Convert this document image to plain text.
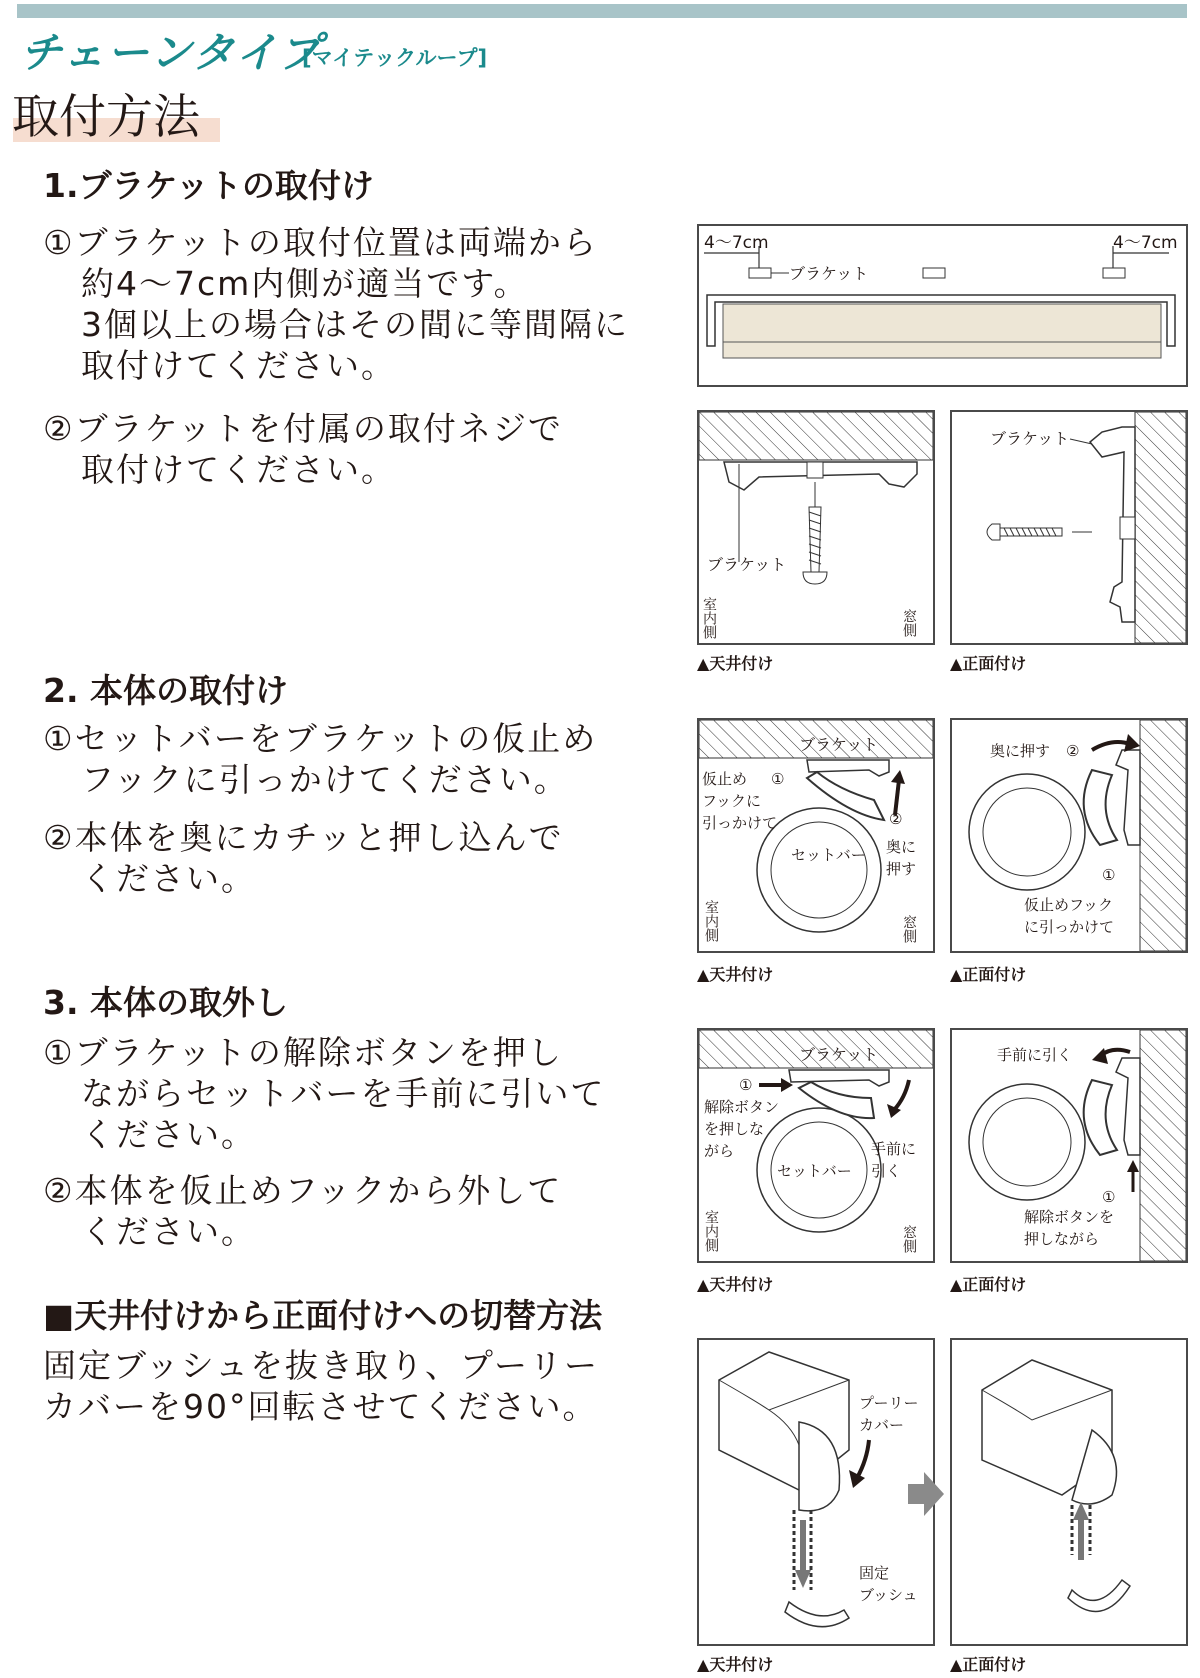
チェーンタイプ
[マイテックループ]
取付方法
1.ブラケットの取付け
①ブラケットの取付位置は両端から
約4〜7cm内側が適当です。
3個以上の場合はその間に等間隔に
取付けてください。
②ブラケットを付属の取付ネジで
取付けてください。
2. 本体の取付け
①セットバーをブラケットの仮止め
フックに引っかけてください。
②本体を奥にカチッと押し込んで
ください。
3. 本体の取外し
①ブラケットの解除ボタンを押し
ながらセットバーを手前に引いて
ください。
②本体を仮止めフックから外して
ください。
■天井付けから正面付けへの切替方法
固定ブッシュを抜き取り、プーリー
カバーを90°回転させてください。
4〜7cm	4〜7cm
ブラケット
ブラケット
室内側	窓側
ブラケット
▲天井付け	▲正面付け
ブラケット
仮止め
フックに
引っかけて
①
②
セットバー 奥に
押す
室内側	窓側
奥に押す ②
①
仮止めフック
に引っかけて
▲天井付け	▲正面付け
ブラケット
①
解除ボタン
を押しな
がら
セットバー
手前に
引く
室内側	窓側
手前に引く
①
解除ボタンを
押しながら
▲天井付け	▲正面付け
プーリー
カバー
固定
ブッシュ
▲天井付け	▲正面付け
